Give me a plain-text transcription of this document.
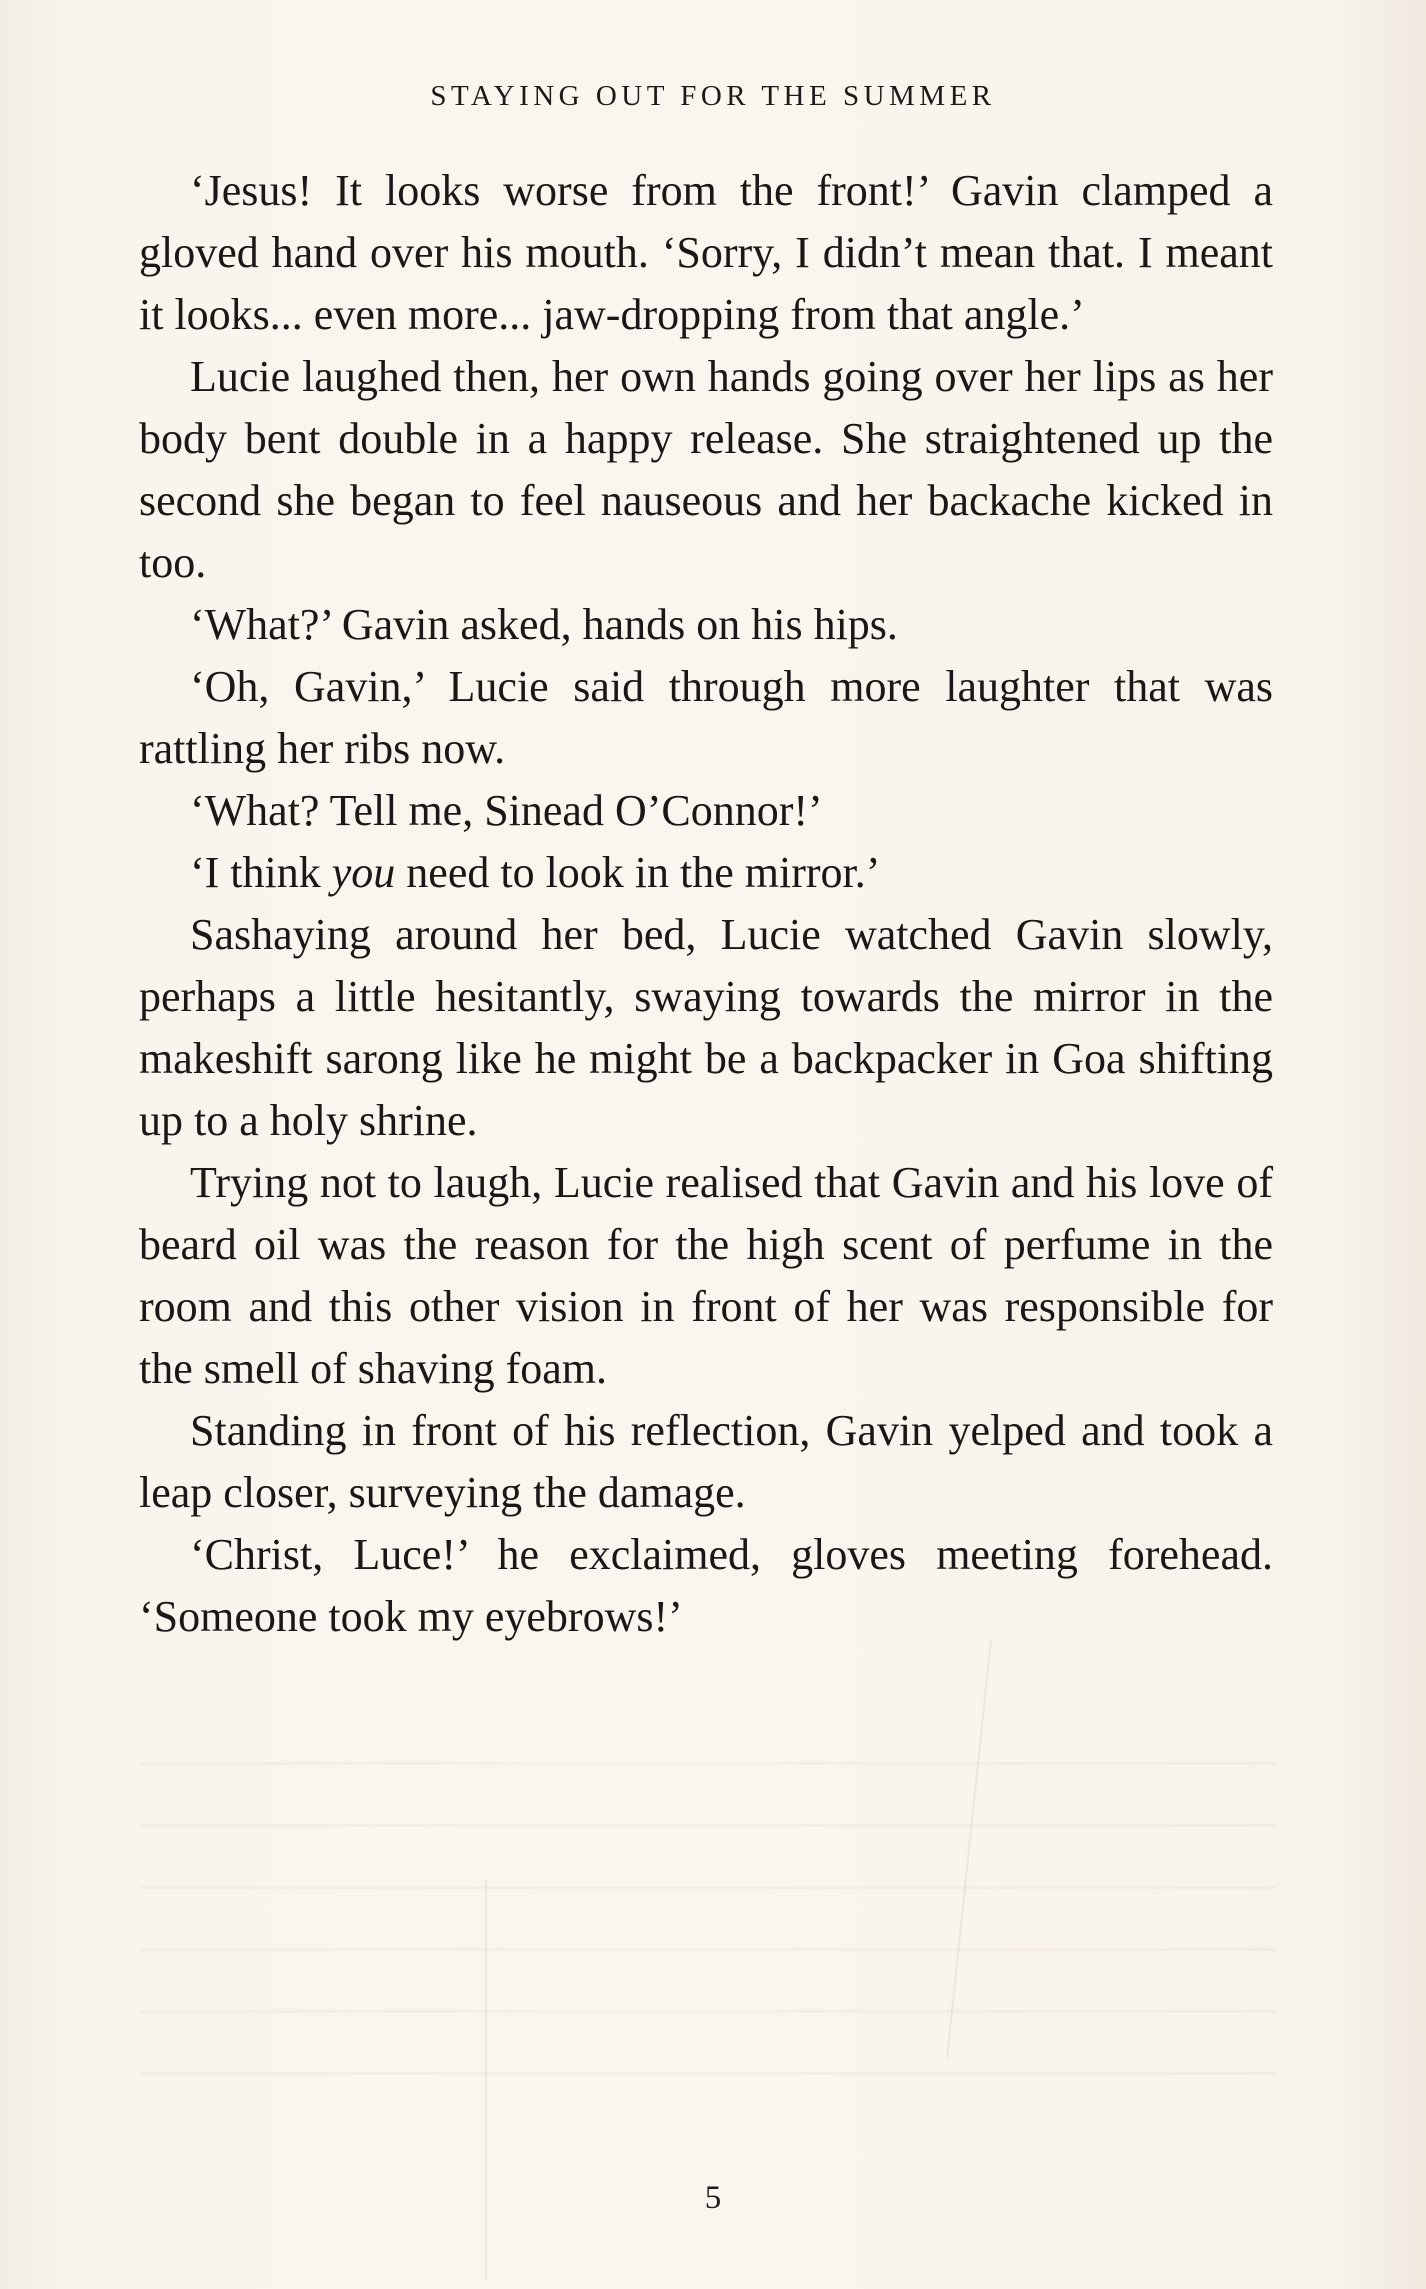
STAYING OUT FOR THE SUMMER

‘Jesus! It looks worse from the front!’ Gavin clamped a gloved hand over his mouth. ‘Sorry, I didn’t mean that. I meant it looks... even more... jaw-dropping from that angle.’

Lucie laughed then, her own hands going over her lips as her body bent double in a happy release. She straightened up the second she began to feel nauseous and her backache kicked in too.

‘What?’ Gavin asked, hands on his hips.

‘Oh, Gavin,’ Lucie said through more laughter that was rattling her ribs now.

‘What? Tell me, Sinead O’Connor!’

‘I think you need to look in the mirror.’

Sashaying around her bed, Lucie watched Gavin slowly, perhaps a little hesitantly, swaying towards the mirror in the makeshift sarong like he might be a backpacker in Goa shifting up to a holy shrine.

Trying not to laugh, Lucie realised that Gavin and his love of beard oil was the reason for the high scent of perfume in the room and this other vision in front of her was responsible for the smell of shaving foam.

Standing in front of his reflection, Gavin yelped and took a leap closer, surveying the damage.

‘Christ, Luce!’ he exclaimed, gloves meeting forehead. ‘Someone took my eyebrows!’

5
